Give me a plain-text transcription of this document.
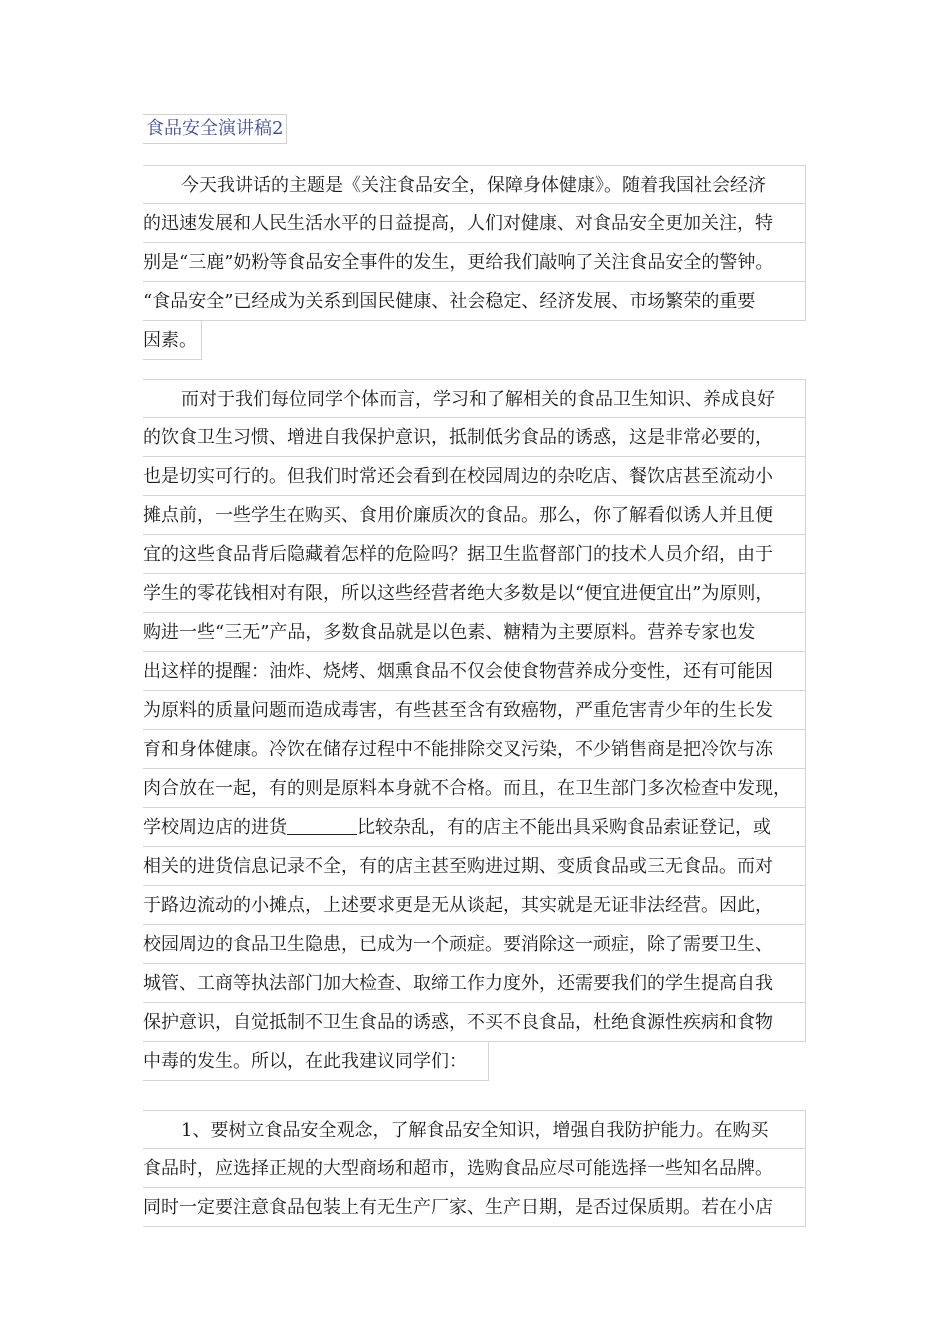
食品安全演讲稿2
今天我讲话的主题是《关注食品安全，保障身体健康》。随着我国社会经济
的迅速发展和人民生活水平的日益提高，人们对健康、对食品安全更加关注，特
别是“三鹿”奶粉等食品安全事件的发生，更给我们敲响了关注食品安全的警钟。
“食品安全”已经成为关系到国民健康、社会稳定、经济发展、市场繁荣的重要
因素。
而对于我们每位同学个体而言，学习和了解相关的食品卫生知识、养成良好
的饮食卫生习惯、增进自我保护意识，抵制低劣食品的诱惑，这是非常必要的，
也是切实可行的。但我们时常还会看到在校园周边的杂吃店、餐饮店甚至流动小
摊点前，一些学生在购买、食用价廉质次的食品。那么，你了解看似诱人并且便
宜的这些食品背后隐藏着怎样的危险吗？据卫生监督部门的技术人员介绍，由于
学生的零花钱相对有限，所以这些经营者绝大多数是以“便宜进便宜出”为原则，
购进一些“三无”产品，多数食品就是以色素、糖精为主要原料。营养专家也发
出这样的提醒：油炸、烧烤、烟熏食品不仅会使食物营养成分变性，还有可能因
为原料的质量问题而造成毒害，有些甚至含有致癌物，严重危害青少年的生长发
育和身体健康。冷饮在储存过程中不能排除交叉污染，不少销售商是把冷饮与冻
肉合放在一起，有的则是原料本身就不合格。而且，在卫生部门多次检查中发现，
学校周边店的进货	比较杂乱，有的店主不能出具采购食品索证登记，或
相关的进货信息记录不全，有的店主甚至购进过期、变质食品或三无食品。而对
于路边流动的小摊点，上述要求更是无从谈起，其实就是无证非法经营。因此，
校园周边的食品卫生隐患，已成为一个顽症。要消除这一顽症，除了需要卫生、
城管、工商等执法部门加大检查、取缔工作力度外，还需要我们的学生提高自我
保护意识，自觉抵制不卫生食品的诱惑，不买不良食品，杜绝食源性疾病和食物
中毒的发生。所以，在此我建议同学们：
1、要树立食品安全观念，了解食品安全知识，增强自我防护能力。在购买
食品时，应选择正规的大型商场和超市，选购食品应尽可能选择一些知名品牌。
同时一定要注意食品包装上有无生产厂家、生产日期，是否过保质期。若在小店
